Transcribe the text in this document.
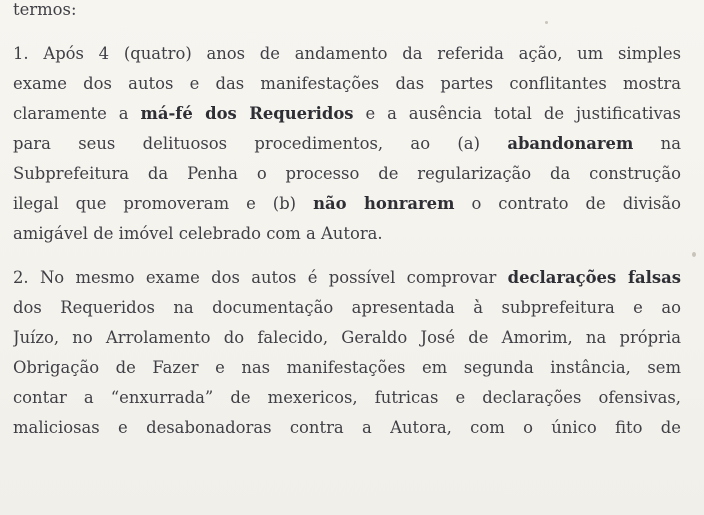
termos:
1. Após 4 (quatro) anos de andamento da referida ação, um simples
exame dos autos e das manifestações das partes conflitantes mostra
claramente a má-fé dos Requeridos e a ausência total de justificativas
para seus delituosos procedimentos, ao (a) abandonarem na
Subprefeitura da Penha o processo de regularização da construção
ilegal que promoveram e (b) não honrarem o contrato de divisão
amigável de imóvel celebrado com a Autora.
2. No mesmo exame dos autos é possível comprovar declarações falsas
dos Requeridos na documentação apresentada à subprefeitura e ao
Juízo, no Arrolamento do falecido, Geraldo José de Amorim, na própria
Obrigação de Fazer e nas manifestações em segunda instância, sem
contar a “enxurrada” de mexericos, futricas e declarações ofensivas,
maliciosas e desabonadoras contra a Autora, com o único fito de
